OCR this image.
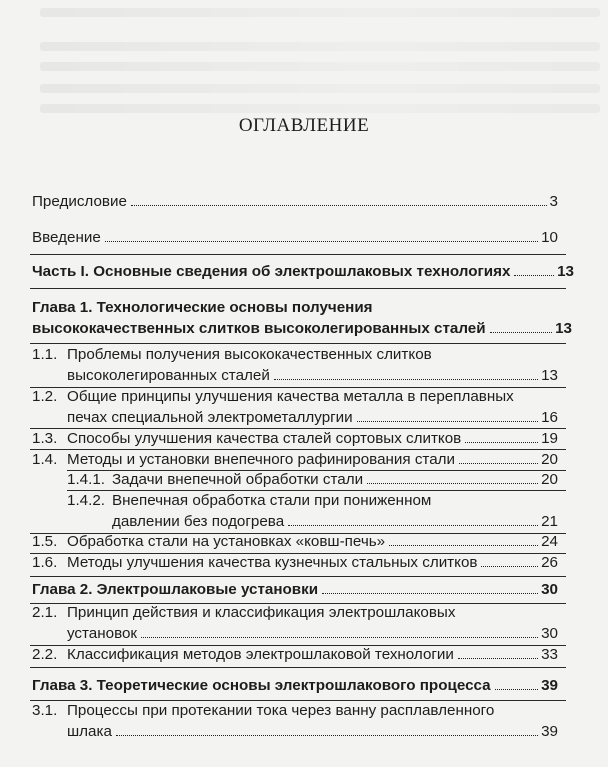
ОГЛАВЛЕНИЕ
Предисловие	3
Введение	10
Часть I. Основные сведения об электрошлаковых технологиях	13
Глава 1. Технологические основы получения
высококачественных слитков высоколегированных сталей	13
1.1. Проблемы получения высококачественных слитков
высоколегированных сталей	13
1.2. Общие принципы улучшения качества металла в переплавных
печах специальной электрометаллургии	16
1.3. Способы улучшения качества сталей сортовых слитков	19
1.4. Методы и установки внепечного рафинирования стали	20
1.4.1. Задачи внепечной обработки стали	20
1.4.2. Внепечная обработка стали при пониженном
давлении без подогрева	21
1.5. Обработка стали на установках «ковш-печь»	24
1.6. Методы улучшения качества кузнечных стальных слитков	26
Глава 2. Электрошлаковые установки	30
2.1. Принцип действия и классификация электрошлаковых
установок	30
2.2. Классификация методов электрошлаковой технологии	33
Глава 3. Теоретические основы электрошлакового процесса	39
3.1. Процессы при протекании тока через ванну расплавленного
шлака	39
